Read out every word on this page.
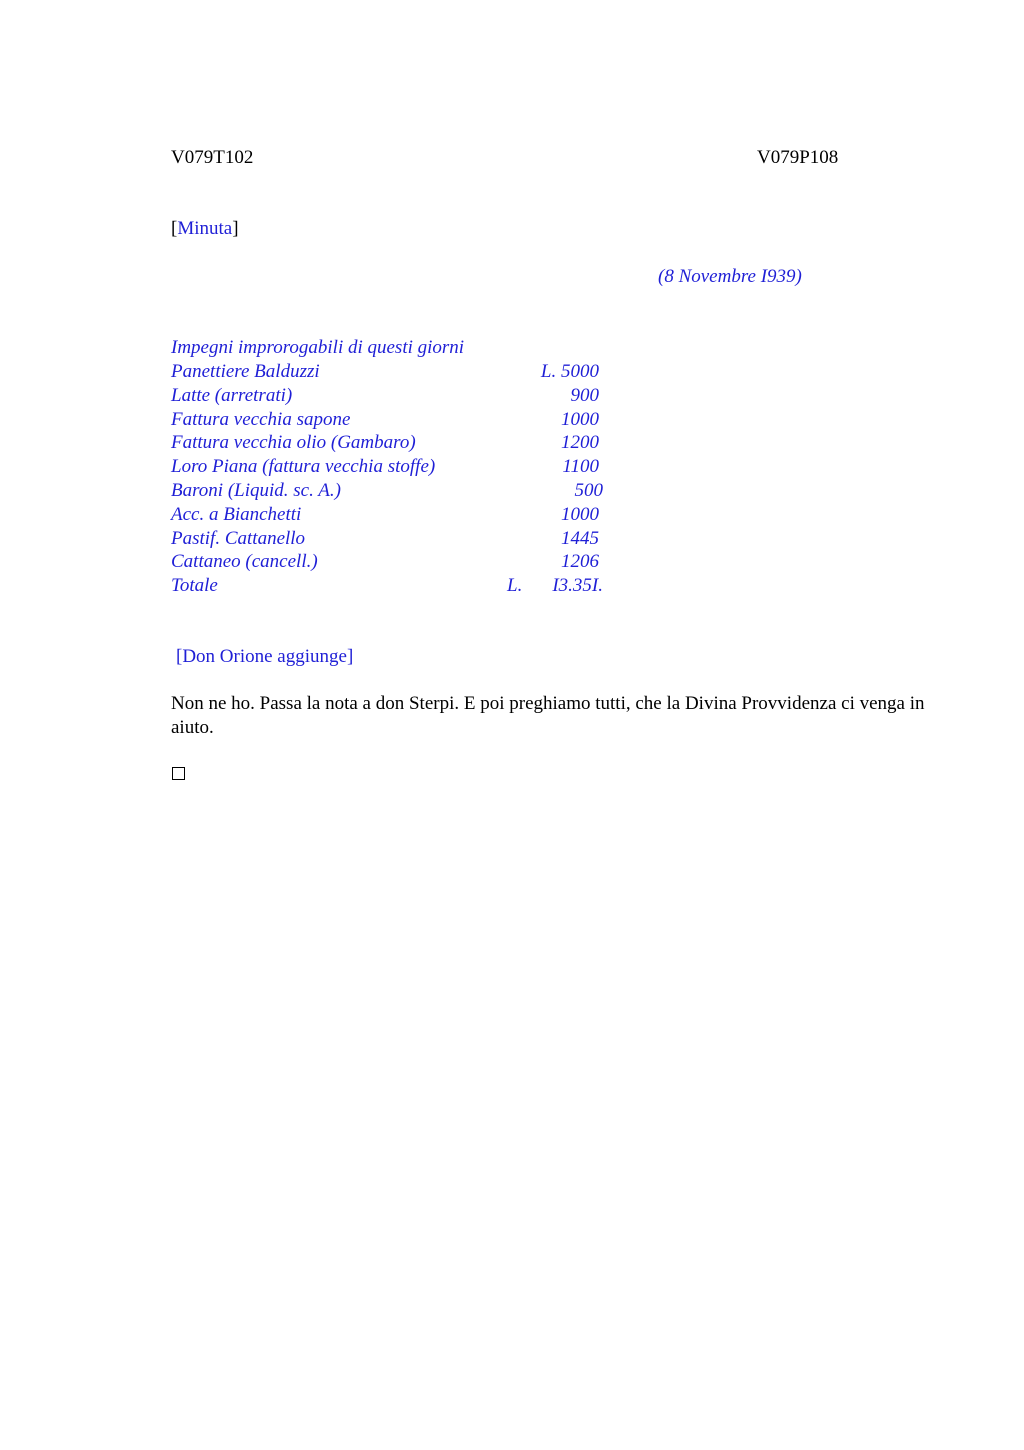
V079T102	V079P108
[Minuta]
(8 Novembre I939)
Impegni improrogabili di questi giorni
Panettiere Balduzzi	L. 5000
Latte (arretrati)	900
Fattura vecchia sapone	1000
Fattura vecchia olio (Gambaro)	1200
Loro Piana (fattura vecchia stoffe)	1100
Baroni (Liquid. sc. A.)	500
Acc. a Bianchetti	1000
Pastif. Cattanello	1445
Cattaneo (cancell.)	1206
Totale	L. I3.35I.
[Don Orione aggiunge]
Non ne ho. Passa la nota a don Sterpi. E poi preghiamo tutti, che la Divina Provvidenza ci venga in aiuto.
